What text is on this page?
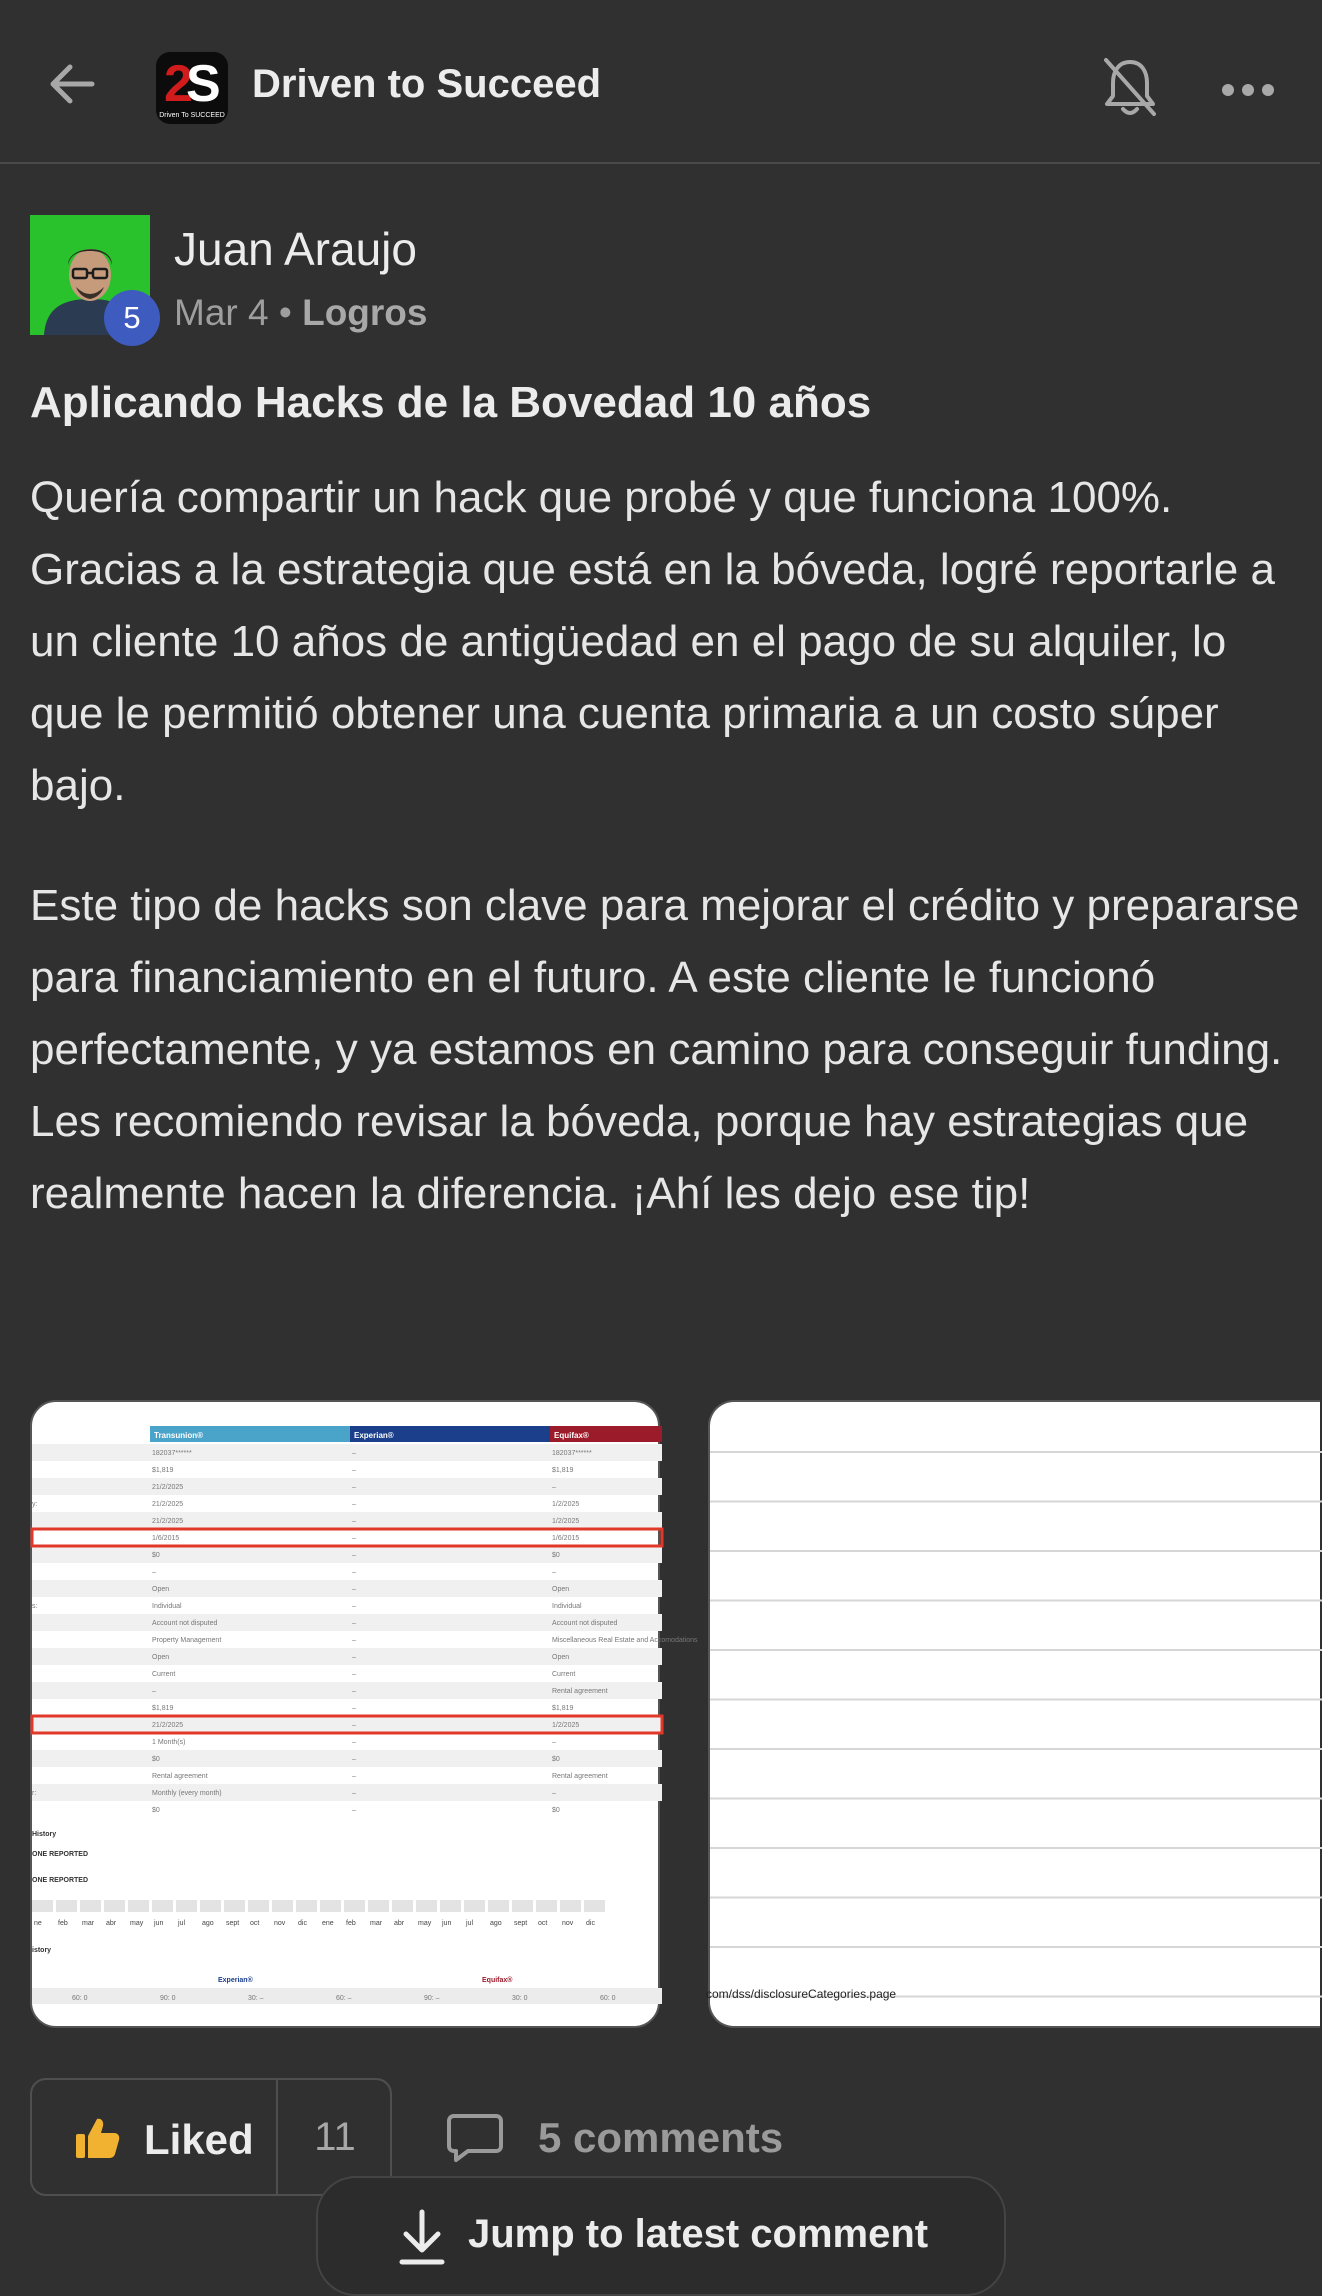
2
S
Driven To SUCCEED
Driven to Succeed
5
Juan Araujo
Mar 4 • Logros
Aplicando Hacks de la Bovedad 10 años

Quería compartir un hack que probé y que funciona 100%. Gracias a la estrategia que está en la bóveda, logré reportarle a un cliente 10 años de antigüedad en el pago de su alquiler, lo que le permitió obtener una cuenta primaria a un costo súper bajo.

Este tipo de hacks son clave para mejorar el crédito y prepararse para financiamiento en el futuro. A este cliente le funcionó perfectamente, y ya estamos en camino para conseguir funding.

Les recomiendo revisar la bóveda, porque hay estrategias que realmente hacen la diferencia. ¡Ahí les dejo ese tip!

Transunion®	Experian®	Equifax®
182037******	–	182037******
$1,819	–	$1,819
21/2/2025	–	–
y:	21/2/2025	–	1/2/2025
21/2/2025	–	1/2/2025
1/6/2015	–	1/6/2015
$0	–	$0
–	–	–
Open	–	Open
s:	Individual	–	Individual
Account not disputed	–	Account not disputed
Property Management	–	Miscellaneous Real Estate and Accomodations
Open	–	Open
Current	–	Current
–	–	Rental agreement
$1,819	–	$1,819
21/2/2025	–	1/2/2025
1 Month(s)	–	–
$0	–	$0
Rental agreement	–	Rental agreement
r:	Monthly (every month)	–	–
$0	–	$0
History
ONE REPORTED
ONE REPORTED
ne feb mar abr may jun jul ago sept oct nov dic ene feb mar abr may jun jul ago sept oct nov dic
istory
Experian®	Equifax®
60: 0	90: 0	30: –	60: –	90: –	30: 0	60: 0	com/dss/disclosureCategories.page
Liked	11	5 comments
Jump to latest comment
